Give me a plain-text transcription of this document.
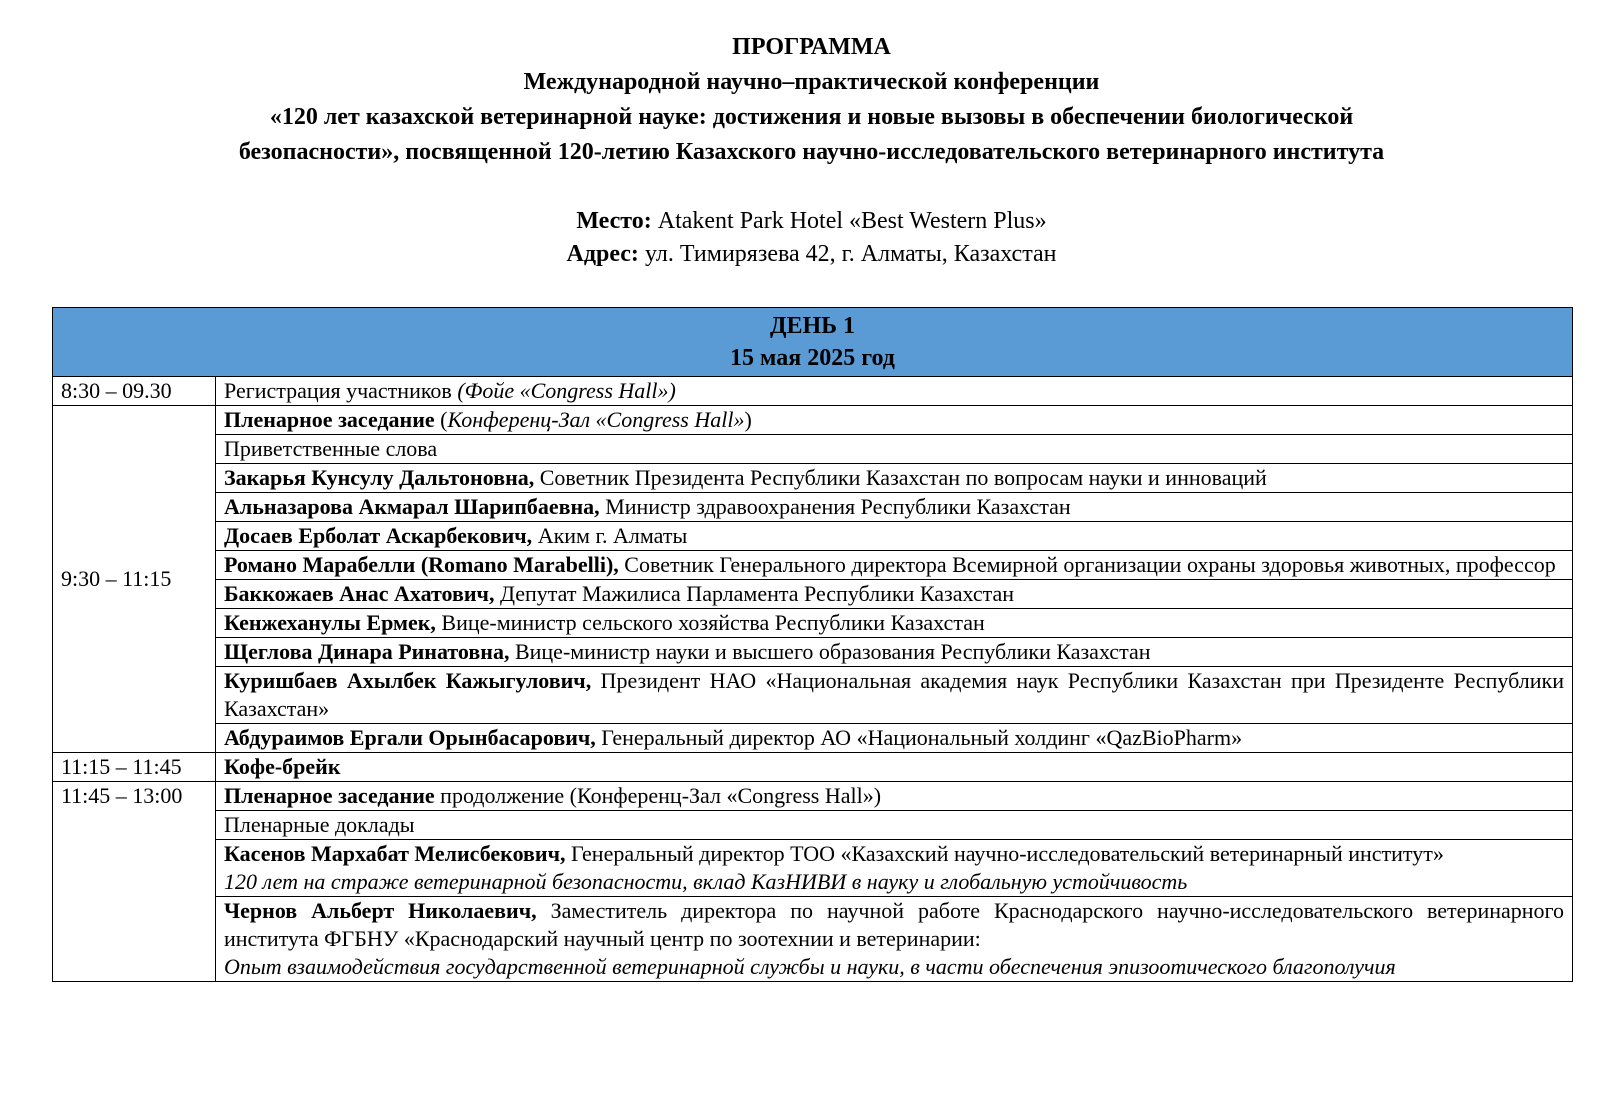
ПРОГРАММА

Международной научно–практической конференции

«120 лет казахской ветеринарной науке: достижения и новые вызовы в обеспечении биологической

безопасности», посвященной 120-летию Казахского научно-исследовательского ветеринарного института

Место: Atakent Park Hotel «Best Western Plus»

Адрес: ул. Тимирязева 42, г. Алматы, Казахстан

ДЕНЬ 1
15 мая 2025 год	

8:30 – 09.30	Регистрация участников (Фойе «Congress Hall»)
9:30 – 11:15	Пленарное заседание (Конференц-Зал «Congress Hall»)
	Приветственные слова
	Закарья Кунсулу Дальтоновна, Советник Президента Республики Казахстан по вопросам науки и инноваций
	Альназарова Акмарал Шарипбаевна, Министр здравоохранения Республики Казахстан
	Досаев Ерболат Аскарбекович, Аким г. Алматы
	Романо Марабелли (Romano Marabelli), Советник Генерального директора Всемирной организации охраны здоровья животных, профессор
	Баккожаев Анас Ахатович, Депутат Мажилиса Парламента Республики Казахстан
	Кенжеханулы Ермек, Вице-министр сельского хозяйства Республики Казахстан
	Щеглова Динара Ринатовна, Вице-министр науки и высшего образования Республики Казахстан
	Куришбаев Ахылбек Кажыгулович, Президент НАО «Национальная академия наук Республики Казахстан при Президенте Республики Казахстан»
	Абдураимов Ергали Орынбасарович, Генеральный директор АО «Национальный холдинг «QazBioPharm»
11:15 – 11:45	Кофе-брейк
11:45 – 13:00	Пленарное заседание продолжение (Конференц-Зал «Congress Hall»)
	Пленарные доклады
	Касенов Мархабат Мелисбекович, Генеральный директор ТОО «Казахский научно-исследовательский ветеринарный институт»
120 лет на страже ветеринарной безопасности, вклад КазНИВИ в науку и глобальную устойчивость

	Чернов Альберт Николаевич, Заместитель директора по научной работе Краснодарского научно-исследовательского ветеринарного института ФГБНУ «Краснодарский научный центр по зоотехнии и ветеринарии:
Опыт взаимодействия государственной ветеринарной службы и науки, в части обеспечения эпизоотического благополучия
